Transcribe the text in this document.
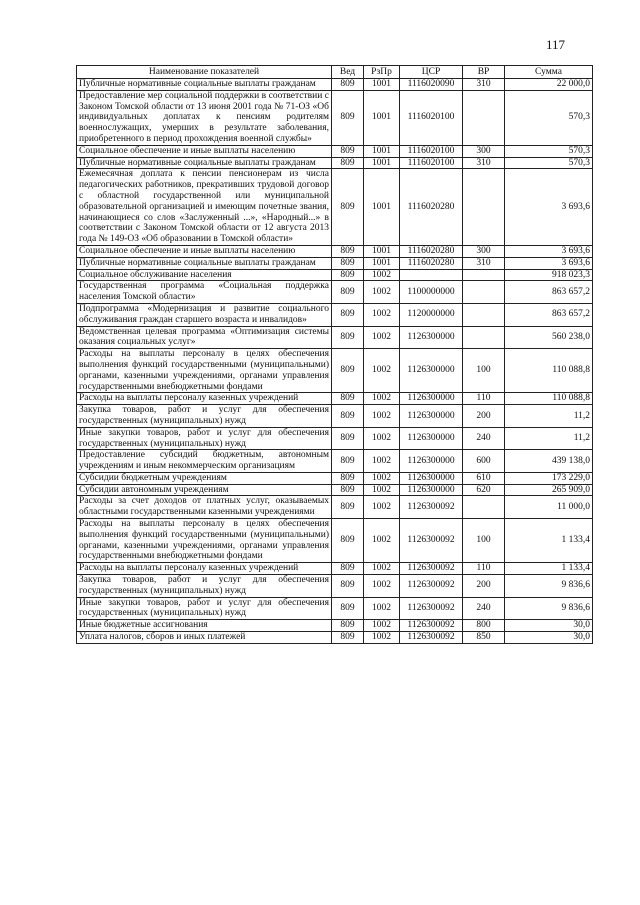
117
Наименование показателей	Вед	РзПр	ЦСР	ВР	Сумма
Публичные нормативные социальные выплаты гражданам	809	1001	1116020090	310	22 000,0
Предоставление мер социальной поддержки в соответствии с Законом Томской области от 13 июня 2001 года № 71-ОЗ «Об индивидуальных доплатах к пенсиям родителям военнослужащих, умерших в результате заболевания, приобретенного в период прохождения военной службы»	809	1001	1116020100		570,3
Социальное обеспечение и иные выплаты населению	809	1001	1116020100	300	570,3
Публичные нормативные социальные выплаты гражданам	809	1001	1116020100	310	570,3
Ежемесячная доплата к пенсии пенсионерам из числа педагогических работников, прекративших трудовой договор с областной государственной или муниципальной образовательной организацией и имеющим почетные звания, начинающиеся со слов «Заслуженный ...», «Народный...» в соответствии с Законом Томской области от 12 августа 2013 года № 149-ОЗ «Об образовании в Томской области»	809	1001	1116020280		3 693,6
Социальное обеспечение и иные выплаты населению	809	1001	1116020280	300	3 693,6
Публичные нормативные социальные выплаты гражданам	809	1001	1116020280	310	3 693,6
Социальное обслуживание населения	809	1002			918 023,3
Государственная программа «Социальная поддержка населения Томской области»	809	1002	1100000000		863 657,2
Подпрограмма «Модернизация и развитие социального обслуживания граждан старшего возраста и инвалидов»	809	1002	1120000000		863 657,2
Ведомственная целевая программа «Оптимизация системы оказания социальных услуг»	809	1002	1126300000		560 238,0
Расходы на выплаты персоналу в целях обеспечения выполнения функций государственными (муниципальными) органами, казенными учреждениями, органами управления государственными внебюджетными фондами	809	1002	1126300000	100	110 088,8
Расходы на выплаты персоналу казенных учреждений	809	1002	1126300000	110	110 088,8
Закупка товаров, работ и услуг для обеспечения государственных (муниципальных) нужд	809	1002	1126300000	200	11,2
Иные закупки товаров, работ и услуг для обеспечения государственных (муниципальных) нужд	809	1002	1126300000	240	11,2
Предоставление субсидий бюджетным, автономным учреждениям и иным некоммерческим организациям	809	1002	1126300000	600	439 138,0
Субсидии бюджетным учреждениям	809	1002	1126300000	610	173 229,0
Субсидии автономным учреждениям	809	1002	1126300000	620	265 909,0
Расходы за счет доходов от платных услуг, оказываемых областными государственными казенными учреждениями	809	1002	1126300092		11 000,0
Расходы на выплаты персоналу в целях обеспечения выполнения функций государственными (муниципальными) органами, казенными учреждениями, органами управления государственными внебюджетными фондами	809	1002	1126300092	100	1 133,4
Расходы на выплаты персоналу казенных учреждений	809	1002	1126300092	110	1 133,4
Закупка товаров, работ и услуг для обеспечения государственных (муниципальных) нужд	809	1002	1126300092	200	9 836,6
Иные закупки товаров, работ и услуг для обеспечения государственных (муниципальных) нужд	809	1002	1126300092	240	9 836,6
Иные бюджетные ассигнования	809	1002	1126300092	800	30,0
Уплата налогов, сборов и иных платежей	809	1002	1126300092	850	30,0
